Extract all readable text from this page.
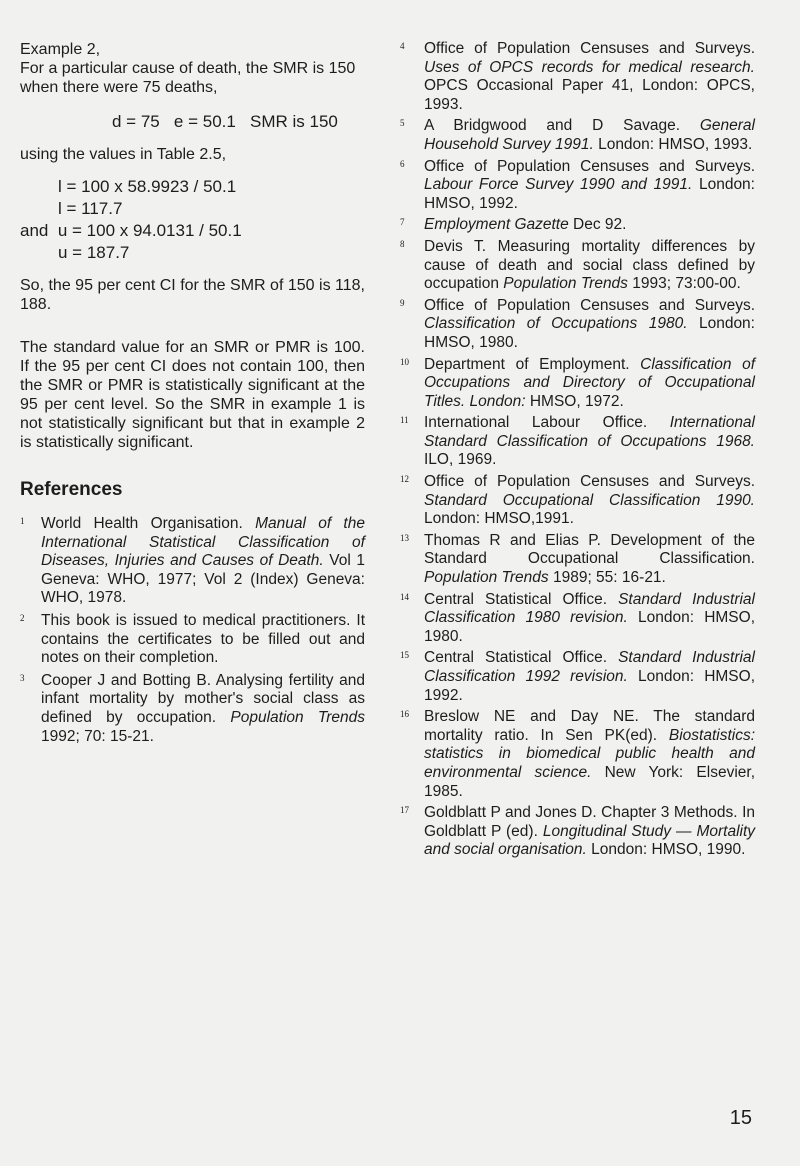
Example 2,

For a particular cause of death, the SMR is 150 when there were 75 deaths,

d = 75   e = 50.1   SMR is 150

using the values in Table 2.5,

l = 100 x 58.9923 / 50.1
l = 117.7
and u = 100 x 94.0131 / 50.1
u = 187.7

So, the 95 per cent CI for the SMR of 150 is 118, 188.

The standard value for an SMR or PMR is 100. If the 95 per cent CI does not contain 100, then the SMR or PMR is statistically significant at the 95 per cent level. So the SMR in example 1 is not statistically significant but that in example 2 is statistically significant.

References

1 World Health Organisation. Manual of the International Statistical Classification of Diseases, Injuries and Causes of Death. Vol 1 Geneva: WHO, 1977; Vol 2 (Index) Geneva: WHO, 1978.

2 This book is issued to medical practitioners. It contains the certificates to be filled out and notes on their completion.

3 Cooper J and Botting B. Analysing fertility and infant mortality by mother's social class as defined by occupation. Population Trends 1992; 70: 15-21.

4 Office of Population Censuses and Surveys. Uses of OPCS records for medical research. OPCS Occasional Paper 41, London: OPCS, 1993.

5 A Bridgwood and D Savage. General Household Survey 1991. London: HMSO, 1993.

6 Office of Population Censuses and Surveys. Labour Force Survey 1990 and 1991. London: HMSO, 1992.

7 Employment Gazette Dec 92.

8 Devis T. Measuring mortality differences by cause of death and social class defined by occupation Population Trends 1993; 73:00-00.

9 Office of Population Censuses and Surveys. Classification of Occupations 1980. London: HMSO, 1980.

10 Department of Employment. Classification of Occupations and Directory of Occupational Titles. London: HMSO, 1972.

11 International Labour Office. International Standard Classification of Occupations 1968. ILO, 1969.

12 Office of Population Censuses and Surveys. Standard Occupational Classification 1990. London: HMSO,1991.

13 Thomas R and Elias P. Development of the Standard Occupational Classification. Population Trends 1989; 55: 16-21.

14 Central Statistical Office. Standard Industrial Classification 1980 revision. London: HMSO, 1980.

15 Central Statistical Office. Standard Industrial Classification 1992 revision. London: HMSO, 1992.

16 Breslow NE and Day NE. The standard mortality ratio. In Sen PK(ed). Biostatistics: statistics in biomedical public health and environmental science. New York: Elsevier, 1985.

17 Goldblatt P and Jones D. Chapter 3 Methods. In Goldblatt P (ed). Longitudinal Study — Mortality and social organisation. London: HMSO, 1990.

15
